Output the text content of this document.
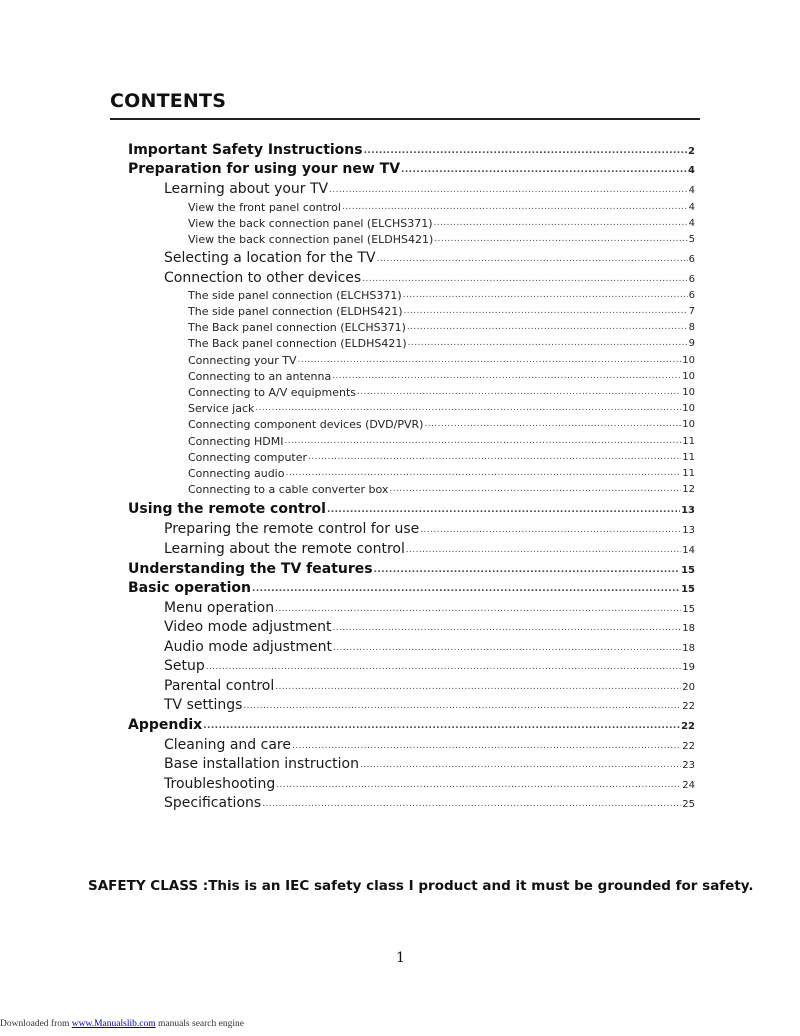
CONTENTS
Important Safety Instructions .....	2
Preparation for using your new TV .....	4
Learning about your TV .....	4
View the front panel control .....	4
View the back connection panel (ELCHS371) .....	4
View the back connection panel (ELDHS421) .....	5
Selecting a location for the TV .....	6
Connection to other devices .....	6
The side panel connection (ELCHS371) .....	6
The side panel connection (ELDHS421) .....	7
The Back panel connection (ELCHS371) .....	8
The Back panel connection (ELDHS421) .....	9
Connecting your TV .....	10
Connecting to an antenna .....	10
Connecting to A/V equipments .....	10
Service jack .....	10
Connecting component devices (DVD/PVR) .....	10
Connecting HDMI .....	11
Connecting computer .....	11
Connecting audio .....	11
Connecting to a cable converter box .....	12
Using the remote control .....	13
Preparing the remote control for use .....	13
Learning about the remote control .....	14
Understanding the TV features .....	15
Basic operation .....	15
Menu operation .....	15
Video mode adjustment .....	18
Audio mode adjustment .....	18
Setup .....	19
Parental control .....	20
TV settings .....	22
Appendix .....	22
Cleaning and care .....	22
Base installation instruction .....	23
Troubleshooting .....	24
Specifications .....	25
SAFETY CLASS :This is an IEC safety class I product and it must be grounded for safety.
1
Downloaded from www.Manualslib.com manuals search engine
